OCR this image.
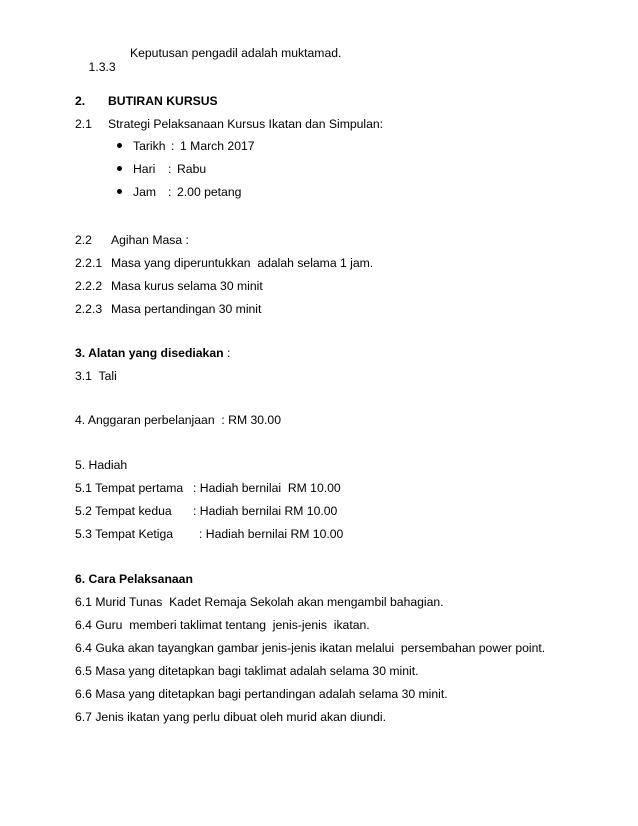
1.3.3

Keputusan pengadil adalah muktamad.
2. BUTIRAN KURSUS
2.1 Strategi Pelaksanaan Kursus Ikatan dan Simpulan:
Tarikh : 1 March 2017
Hari : Rabu
Jam : 2.00 petang
2.2 Agihan Masa :
2.2.1 Masa yang diperuntukkan  adalah selama 1 jam.
2.2.2 Masa kurus selama 30 minit
2.2.3 Masa pertandingan 30 minit
3. Alatan yang disediakan :
3.1  Tali
4. Anggaran perbelanjaan  : RM 30.00
5. Hadiah
5.1 Tempat pertama : Hadiah bernilai  RM 10.00
5.2 Tempat kedua : Hadiah bernilai RM 10.00
5.3 Tempat Ketiga : Hadiah bernilai RM 10.00
6. Cara Pelaksanaan
6.1 Murid Tunas  Kadet Remaja Sekolah akan mengambil bahagian.
6.4 Guru  memberi taklimat tentang  jenis-jenis  ikatan.
6.4 Guka akan tayangkan gambar jenis-jenis ikatan melalui  persembahan power point.
6.5 Masa yang ditetapkan bagi taklimat adalah selama 30 minit.
6.6 Masa yang ditetapkan bagi pertandingan adalah selama 30 minit.
6.7 Jenis ikatan yang perlu dibuat oleh murid akan diundi.
